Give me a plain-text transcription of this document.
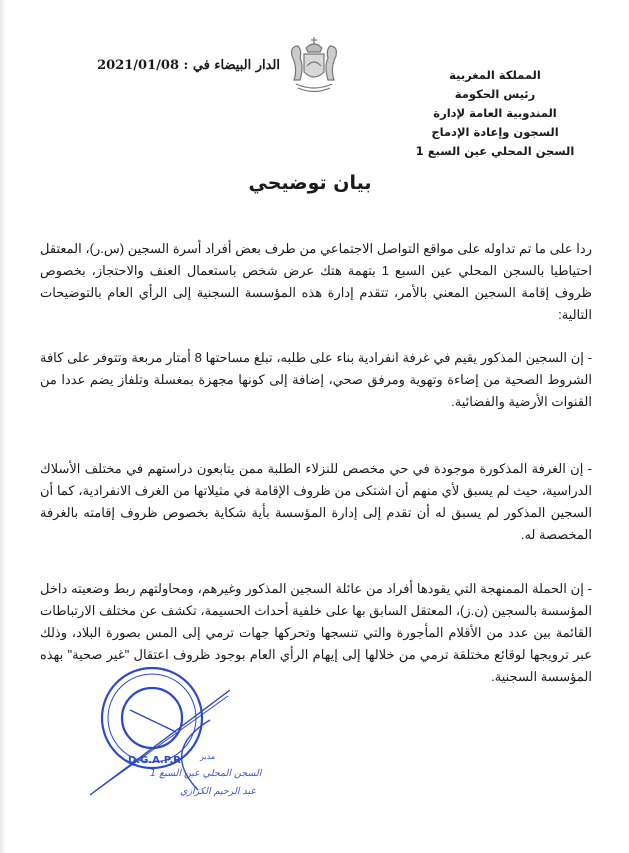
الدار البيضاء في : 2021/01/08
المملكة المغربية
رئيس الحكومة
المندوبية العامة لإدارة
السجون وإعادة الإدماج
السجن المحلي عين السبع 1
بيان توضيحي
ردا على ما تم تداوله على مواقع التواصل الاجتماعي من طرف بعض أفراد أسرة السجين (س.ر)، المعتقل احتياطيا بالسجن المحلي عين السبع 1 بتهمة هتك عرض شخص باستعمال العنف والاحتجاز، بخصوص ظروف إقامة السجين المعني بالأمر، تتقدم إدارة هذه المؤسسة السجنية إلى الرأي العام بالتوضيحات التالية:
- إن السجين المذكور يقيم في غرفة انفرادية بناء على طلبه، تبلغ مساحتها 8 أمتار مربعة وتتوفر على كافة الشروط الصحية من إضاءة وتهوية ومرفق صحي، إضافة إلى كونها مجهزة بمغسلة وتلفاز يضم عددا من القنوات الأرضية والفضائية.
- إن الغرفة المذكورة موجودة في حي مخصص للنزلاء الطلبة ممن يتابعون دراستهم في مختلف الأسلاك الدراسية، حيث لم يسبق لأي منهم أن اشتكى من ظروف الإقامة في مثيلاتها من الغرف الانفرادية، كما أن السجين المذكور لم يسبق له أن تقدم إلى إدارة المؤسسة بأية شكاية بخصوص ظروف إقامته بالغرفة المخصصة له.
- إن الحملة الممنهجة التي يقودها أفراد من عائلة السجين المذكور وغيرهم، ومحاولتهم ربط وضعيته داخل المؤسسة بالسجين (ن.ز)، المعتقل السابق بها على خلفية أحداث الحسيمة، تكشف عن مختلف الارتباطات القائمة بين عدد من الأقلام المأجورة والتي تنسجها وتحركها جهات ترمي إلى المس بصورة البلاد، وذلك عبر ترويجها لوقائع مختلقة ترمي من خلالها إلى إيهام الرأي العام بوجود ظروف اعتقال "غير صحية" بهذه المؤسسة السجنية.
D.G.A.P.R مدير
السجن المحلي عين السبع 1
عبد الرحيم الكزازي
